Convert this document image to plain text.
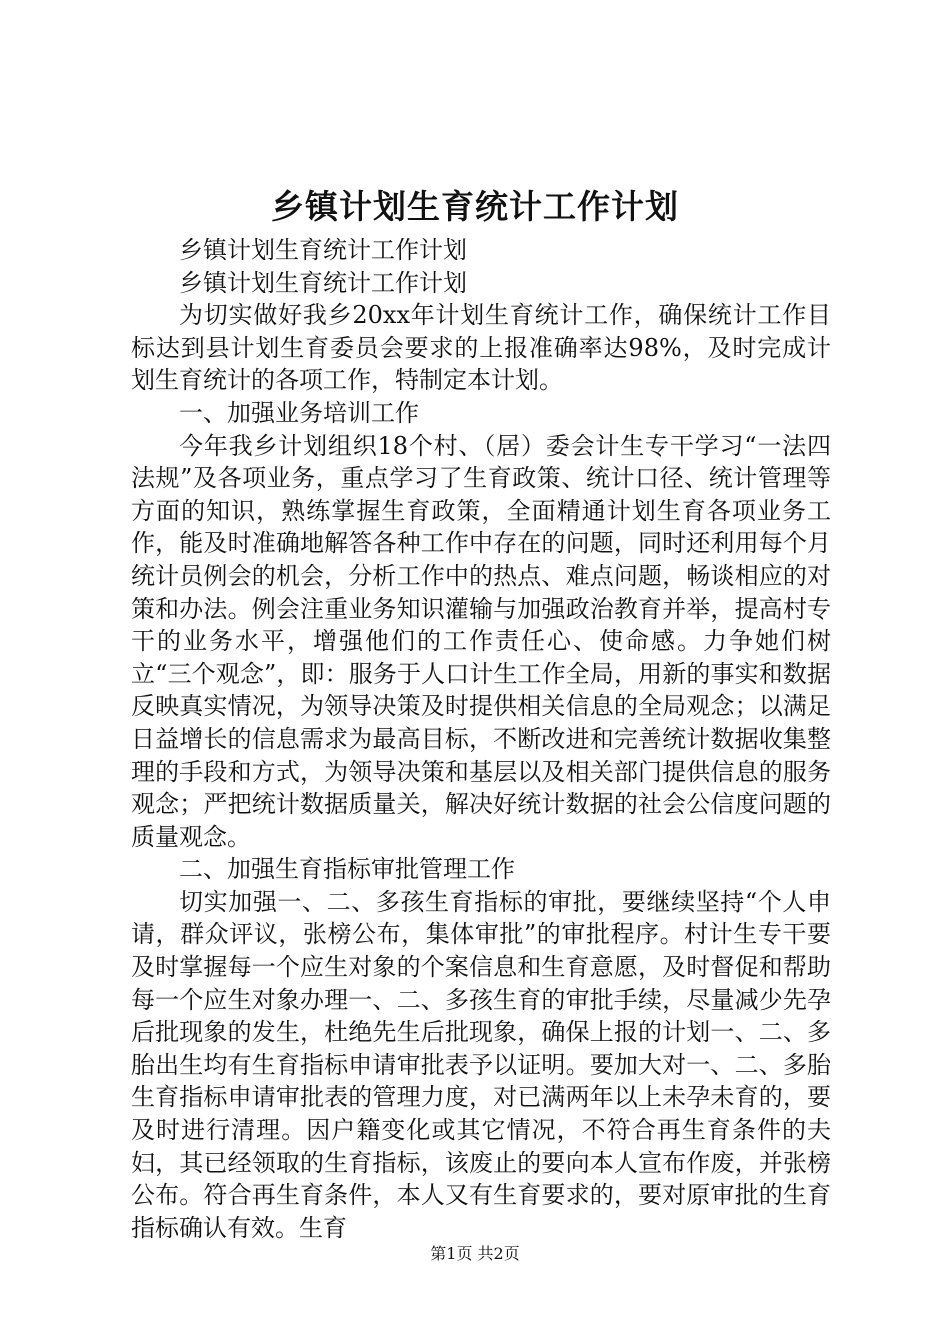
乡镇计划生育统计工作计划

乡镇计划生育统计工作计划

乡镇计划生育统计工作计划

为切实做好我乡20xx年计划生育统计工作，确保统计工作目标达到县计划生育委员会要求的上报准确率达98%，及时完成计划生育统计的各项工作，特制定本计划。

一、加强业务培训工作

今年我乡计划组织18个村、（居）委会计生专干学习“一法四法规”及各项业务，重点学习了生育政策、统计口径、统计管理等方面的知识，熟练掌握生育政策，全面精通计划生育各项业务工作，能及时准确地解答各种工作中存在的问题，同时还利用每个月统计员例会的机会，分析工作中的热点、难点问题，畅谈相应的对策和办法。例会注重业务知识灌输与加强政治教育并举，提高村专干的业务水平，增强他们的工作责任心、使命感。力争她们树立“三个观念”，即：服务于人口计生工作全局，用新的事实和数据反映真实情况，为领导决策及时提供相关信息的全局观念；以满足日益增长的信息需求为最高目标，不断改进和完善统计数据收集整理的手段和方式，为领导决策和基层以及相关部门提供信息的服务观念；严把统计数据质量关，解决好统计数据的社会公信度问题的质量观念。

二、加强生育指标审批管理工作

切实加强一、二、多孩生育指标的审批，要继续坚持“个人申请，群众评议，张榜公布，集体审批”的审批程序。村计生专干要及时掌握每一个应生对象的个案信息和生育意愿，及时督促和帮助每一个应生对象办理一、二、多孩生育的审批手续，尽量减少先孕后批现象的发生，杜绝先生后批现象，确保上报的计划一、二、多胎出生均有生育指标申请审批表予以证明。要加大对一、二、多胎生育指标申请审批表的管理力度，对已满两年以上未孕未育的，要及时进行清理。因户籍变化或其它情况，不符合再生育条件的夫妇，其已经领取的生育指标，该废止的要向本人宣布作废，并张榜公布。符合再生育条件，本人又有生育要求的，要对原审批的生育指标确认有效。生育

第1页 共2页
